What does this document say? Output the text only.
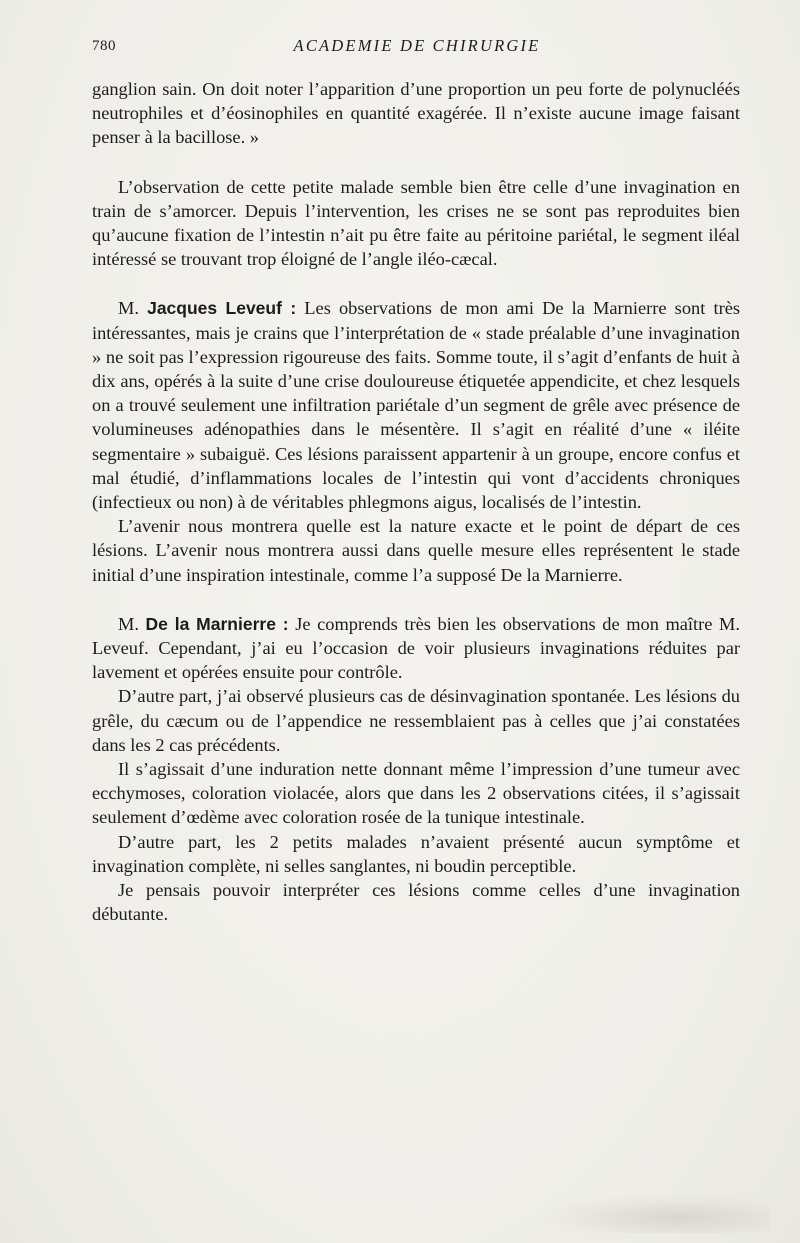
780	ACADEMIE DE CHIRURGIE

ganglion sain. On doit noter l’apparition d’une proportion un peu forte de polynucléés neutrophiles et d’éosinophiles en quantité exagérée. Il n’existe aucune image faisant penser à la bacillose. »

L’observation de cette petite malade semble bien être celle d’une invagination en train de s’amorcer. Depuis l’intervention, les crises ne se sont pas reproduites bien qu’aucune fixation de l’intestin n’ait pu être faite au péritoine pariétal, le segment iléal intéressé se trouvant trop éloigné de l’angle iléo-cæcal.

M. Jacques Leveuf : Les observations de mon ami De la Marnierre sont très intéressantes, mais je crains que l’interprétation de « stade préalable d’une invagination » ne soit pas l’expression rigoureuse des faits. Somme toute, il s’agit d’enfants de huit à dix ans, opérés à la suite d’une crise douloureuse étiquetée appendicite, et chez lesquels on a trouvé seulement une infiltration pariétale d’un segment de grêle avec présence de volumineuses adénopathies dans le mésentère. Il s’agit en réalité d’une « iléite segmentaire » subaiguë. Ces lésions paraissent appartenir à un groupe, encore confus et mal étudié, d’inflammations locales de l’intestin qui vont d’accidents chroniques (infectieux ou non) à de véritables phlegmons aigus, localisés de l’intestin.

L’avenir nous montrera quelle est la nature exacte et le point de départ de ces lésions. L’avenir nous montrera aussi dans quelle mesure elles représentent le stade initial d’une inspiration intestinale, comme l’a supposé De la Marnierre.

M. De la Marnierre : Je comprends très bien les observations de mon maître M. Leveuf. Cependant, j’ai eu l’occasion de voir plusieurs invaginations réduites par lavement et opérées ensuite pour contrôle.

D’autre part, j’ai observé plusieurs cas de désinvagination spontanée. Les lésions du grêle, du cæcum ou de l’appendice ne ressemblaient pas à celles que j’ai constatées dans les 2 cas précédents.

Il s’agissait d’une induration nette donnant même l’impression d’une tumeur avec ecchymoses, coloration violacée, alors que dans les 2 observations citées, il s’agissait seulement d’œdème avec coloration rosée de la tunique intestinale.

D’autre part, les 2 petits malades n’avaient présenté aucun symptôme et invagination complète, ni selles sanglantes, ni boudin perceptible.

Je pensais pouvoir interpréter ces lésions comme celles d’une invagination débutante.
